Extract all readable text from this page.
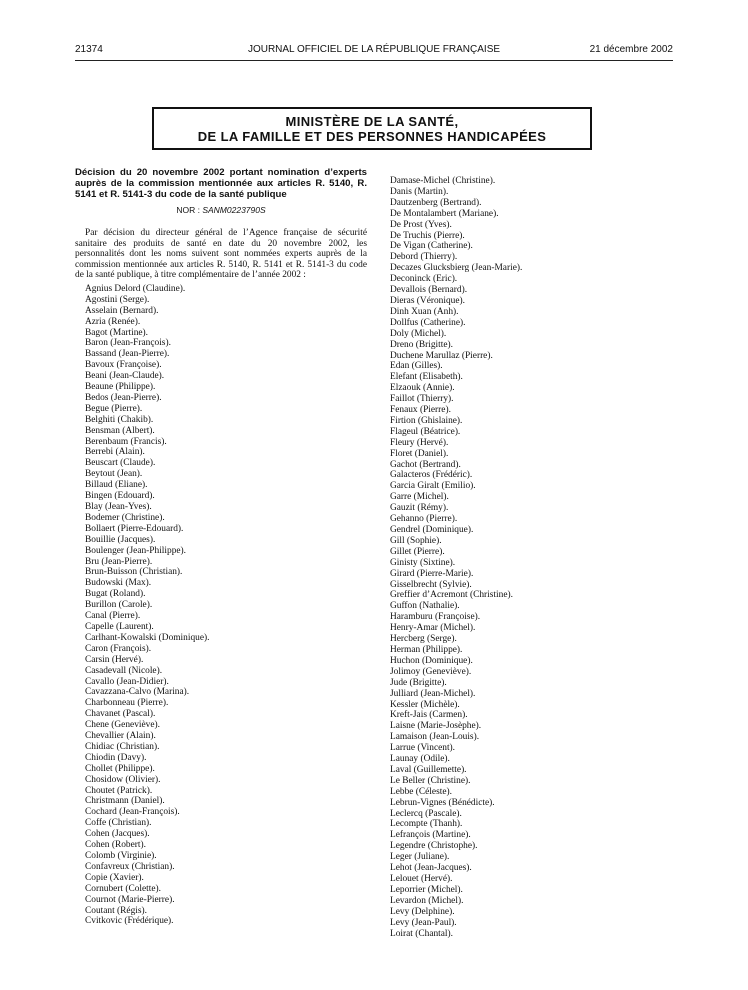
21374	JOURNAL OFFICIEL DE LA RÉPUBLIQUE FRANÇAISE	21 décembre 2002
MINISTÈRE DE LA SANTÉ,
DE LA FAMILLE ET DES PERSONNES HANDICAPÉES

Décision du 20 novembre 2002 portant nomination d’experts auprès de la commission mentionnée aux articles R. 5140, R. 5141 et R. 5141-3 du code de la santé publique

NOR : SANM0223790S

Par décision du directeur général de l’Agence française de sécurité sanitaire des produits de santé en date du 20 novembre 2002, les personnalités dont les noms suivent sont nommées experts auprès de la commission mentionnée aux articles R. 5140, R. 5141 et R. 5141-3 du code de la santé publique, à titre complémentaire de l’année 2002 :

Agnius Delord (Claudine).
Agostini (Serge).
Asselain (Bernard).
Azria (Renée).
Bagot (Martine).
Baron (Jean-François).
Bassand (Jean-Pierre).
Bavoux (Françoise).
Beani (Jean-Claude).
Beaune (Philippe).
Bedos (Jean-Pierre).
Begue (Pierre).
Belghiti (Chakib).
Bensman (Albert).
Berenbaum (Francis).
Berrebi (Alain).
Beuscart (Claude).
Beytout (Jean).
Billaud (Eliane).
Bingen (Edouard).
Blay (Jean-Yves).
Bodemer (Christine).
Bollaert (Pierre-Edouard).
Bouillie (Jacques).
Boulenger (Jean-Philippe).
Bru (Jean-Pierre).
Brun-Buisson (Christian).
Budowski (Max).
Bugat (Roland).
Burillon (Carole).
Canal (Pierre).
Capelle (Laurent).
Carlhant-Kowalski (Dominique).
Caron (François).
Carsin (Hervé).
Casadevall (Nicole).
Cavallo (Jean-Didier).
Cavazzana-Calvo (Marina).
Charbonneau (Pierre).
Chavanet (Pascal).
Chene (Geneviève).
Chevallier (Alain).
Chidiac (Christian).
Chiodin (Davy).
Chollet (Philippe).
Chosidow (Olivier).
Choutet (Patrick).
Christmann (Daniel).
Cochard (Jean-François).
Coffe (Christian).
Cohen (Jacques).
Cohen (Robert).
Colomb (Virginie).
Confavreux (Christian).
Copie (Xavier).
Cornubert (Colette).
Cournot (Marie-Pierre).
Coutant (Régis).
Cvitkovic (Frédérique).
Damase-Michel (Christine).
Danis (Martin).
Dautzenberg (Bertrand).
De Montalambert (Mariane).
De Prost (Yves).
De Truchis (Pierre).
De Vigan (Catherine).
Debord (Thierry).
Decazes Glucksbierg (Jean-Marie).
Deconinck (Eric).
Devallois (Bernard).
Dieras (Véronique).
Dinh Xuan (Anh).
Dollfus (Catherine).
Doly (Michel).
Dreno (Brigitte).
Duchene Marullaz (Pierre).
Edan (Gilles).
Elefant (Elisabeth).
Elzaouk (Annie).
Faillot (Thierry).
Fenaux (Pierre).
Firtion (Ghislaine).
Flageul (Béatrice).
Fleury (Hervé).
Floret (Daniel).
Gachot (Bertrand).
Galacteros (Frédéric).
Garcia Giralt (Emilio).
Garre (Michel).
Gauzit (Rémy).
Gehanno (Pierre).
Gendrel (Dominique).
Gill (Sophie).
Gillet (Pierre).
Ginisty (Sixtine).
Girard (Pierre-Marie).
Gisselbrecht (Sylvie).
Greffier d’Acremont (Christine).
Guffon (Nathalie).
Haramburu (Françoise).
Henry-Amar (Michel).
Hercberg (Serge).
Herman (Philippe).
Huchon (Dominique).
Jolimoy (Geneviève).
Jude (Brigitte).
Julliard (Jean-Michel).
Kessler (Michèle).
Kreft-Jais (Carmen).
Laisne (Marie-Josèphe).
Lamaison (Jean-Louis).
Larrue (Vincent).
Launay (Odile).
Laval (Guillemette).
Le Beller (Christine).
Lebbe (Céleste).
Lebrun-Vignes (Bénédicte).
Leclercq (Pascale).
Lecompte (Thanh).
Lefrançois (Martine).
Legendre (Christophe).
Leger (Juliane).
Lehot (Jean-Jacques).
Lelouet (Hervé).
Leporrier (Michel).
Levardon (Michel).
Levy (Delphine).
Levy (Jean-Paul).
Loirat (Chantal).
